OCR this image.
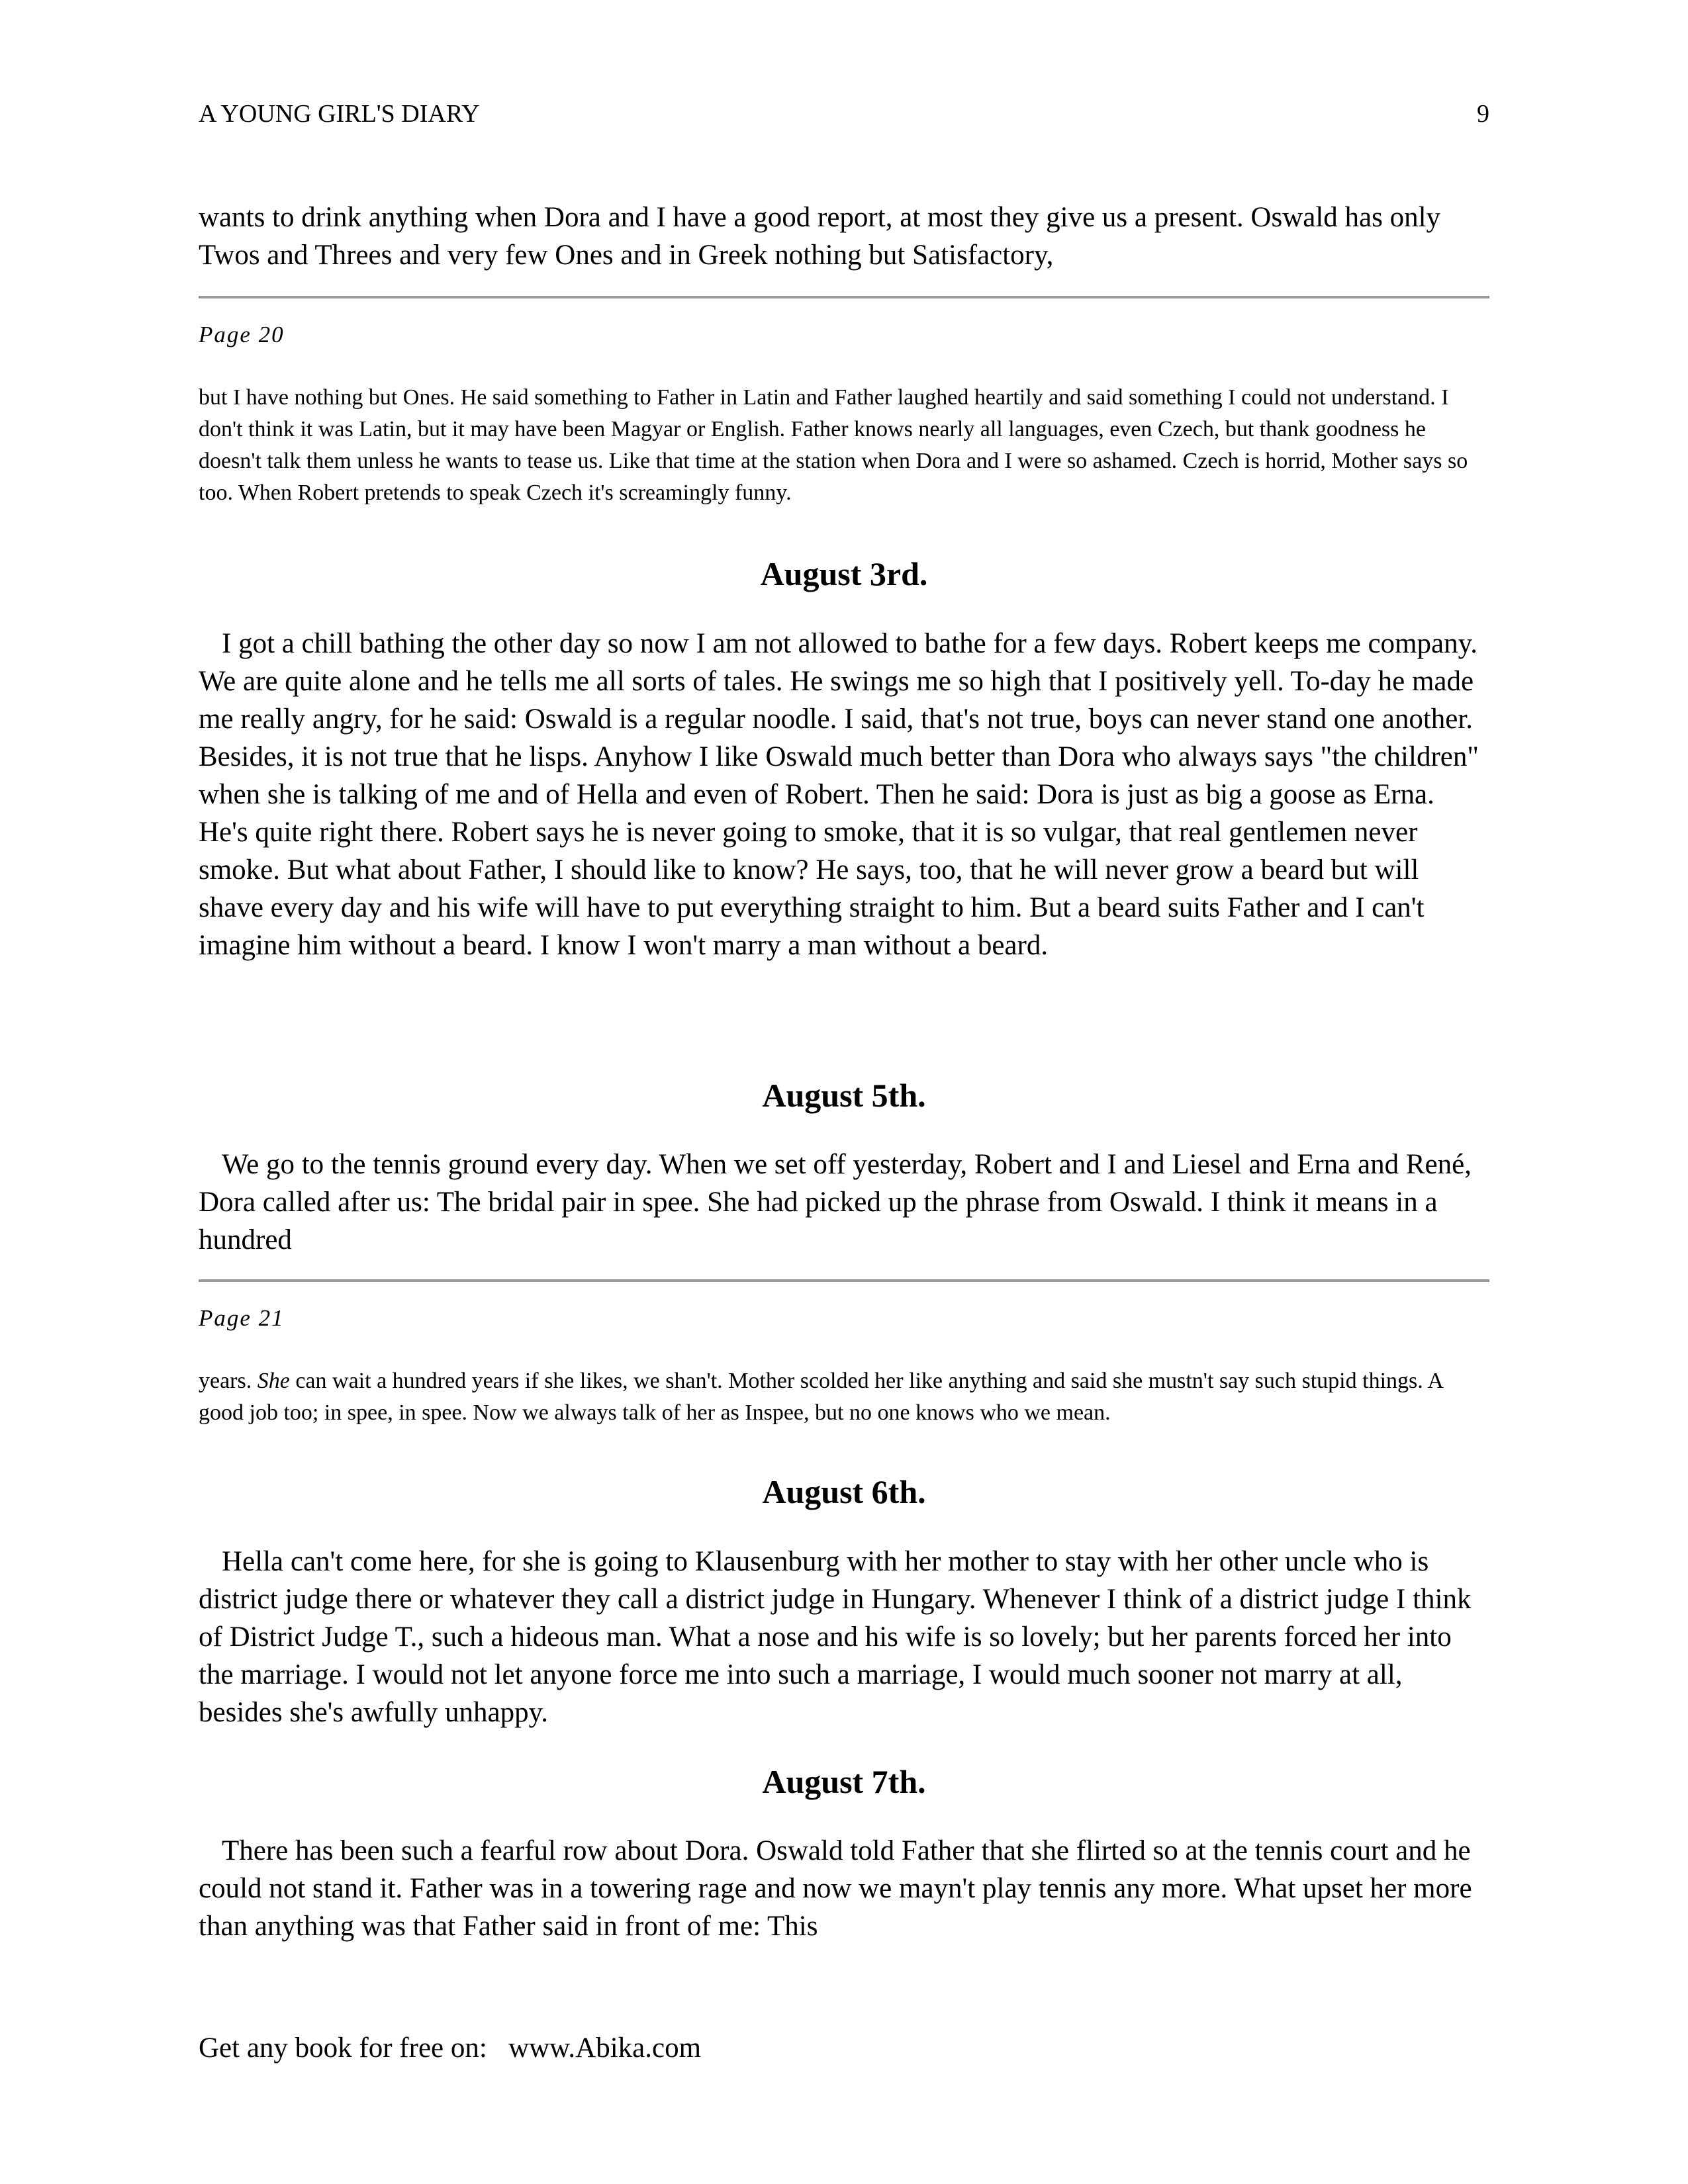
A YOUNG GIRL'S DIARY	9

wants to drink anything when Dora and I have a good report, at most they give us a present. Oswald has only Twos and Threes and very few Ones and in Greek nothing but Satisfactory,

Page 20

but I have nothing but Ones. He said something to Father in Latin and Father laughed heartily and said something I could not understand. I don't think it was Latin, but it may have been Magyar or English. Father knows nearly all languages, even Czech, but thank goodness he doesn't talk them unless he wants to tease us. Like that time at the station when Dora and I were so ashamed. Czech is horrid, Mother says so too. When Robert pretends to speak Czech it's screamingly funny.

August 3rd.

I got a chill bathing the other day so now I am not allowed to bathe for a few days. Robert keeps me company. We are quite alone and he tells me all sorts of tales. He swings me so high that I positively yell. To-day he made me really angry, for he said: Oswald is a regular noodle. I said, that's not true, boys can never stand one another. Besides, it is not true that he lisps. Anyhow I like Oswald much better than Dora who always says "the children" when she is talking of me and of Hella and even of Robert. Then he said: Dora is just as big a goose as Erna. He's quite right there. Robert says he is never going to smoke, that it is so vulgar, that real gentlemen never smoke. But what about Father, I should like to know? He says, too, that he will never grow a beard but will shave every day and his wife will have to put everything straight to him. But a beard suits Father and I can't imagine him without a beard. I know I won't marry a man without a beard.

August 5th.

We go to the tennis ground every day. When we set off yesterday, Robert and I and Liesel and Erna and René, Dora called after us: The bridal pair in spee. She had picked up the phrase from Oswald. I think it means in a hundred

Page 21

years. She can wait a hundred years if she likes, we shan't. Mother scolded her like anything and said she mustn't say such stupid things. A good job too; in spee, in spee. Now we always talk of her as Inspee, but no one knows who we mean.

August 6th.

Hella can't come here, for she is going to Klausenburg with her mother to stay with her other uncle who is district judge there or whatever they call a district judge in Hungary. Whenever I think of a district judge I think of District Judge T., such a hideous man. What a nose and his wife is so lovely; but her parents forced her into the marriage. I would not let anyone force me into such a marriage, I would much sooner not marry at all, besides she's awfully unhappy.

August 7th.

There has been such a fearful row about Dora. Oswald told Father that she flirted so at the tennis court and he could not stand it. Father was in a towering rage and now we mayn't play tennis any more. What upset her more than anything was that Father said in front of me: This

Get any book for free on:   www.Abika.com
